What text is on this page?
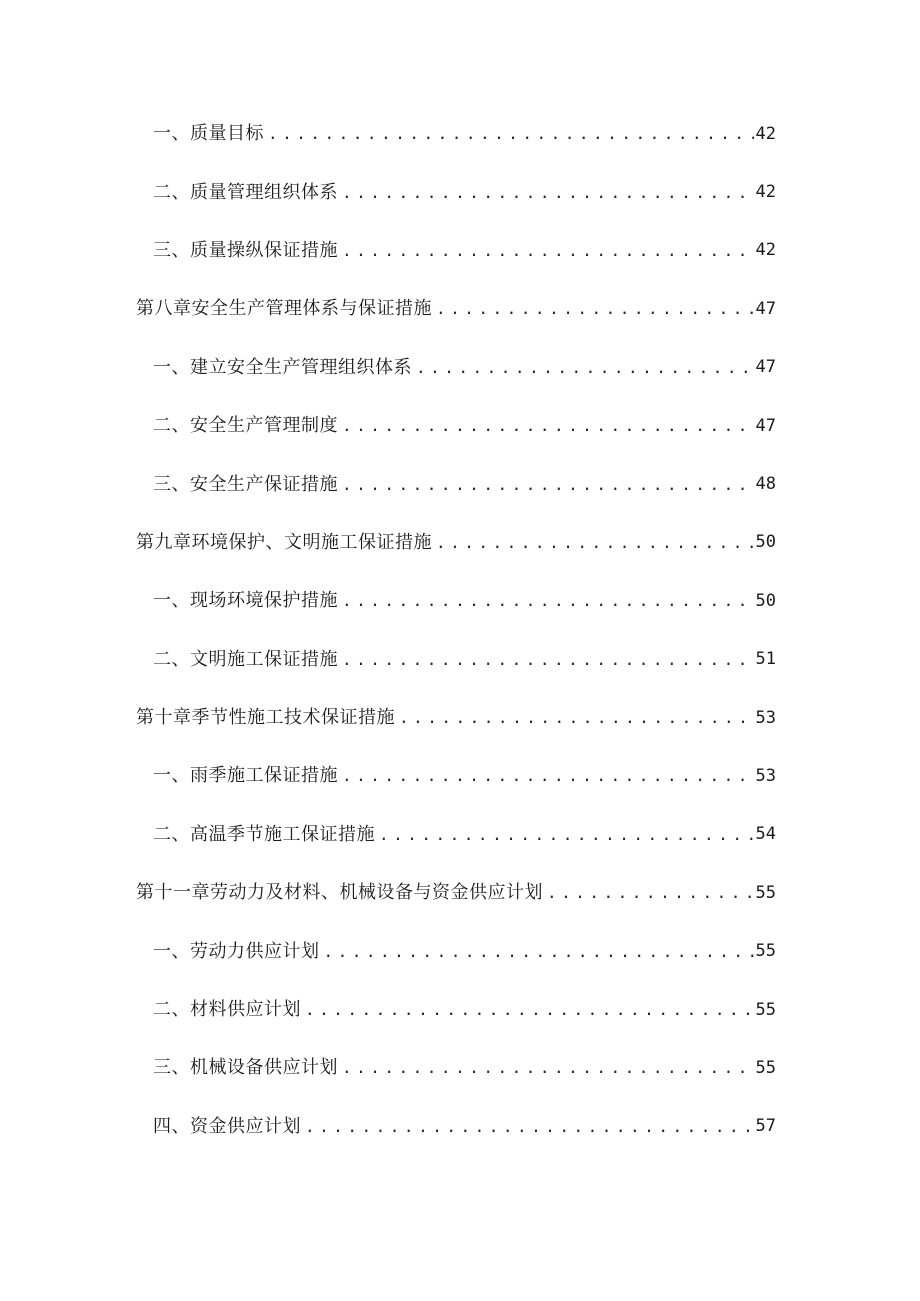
一、质量目标 .....	42
二、质量管理组织体系 .....	42
三、质量操纵保证措施 .....	42
第八章安全生产管理体系与保证措施 .....	47
一、建立安全生产管理组织体系 .....	47
二、安全生产管理制度 .....	47
三、安全生产保证措施 .....	48
第九章环境保护、文明施工保证措施 .....	50
一、现场环境保护措施 .....	50
二、文明施工保证措施 .....	51
第十章季节性施工技术保证措施 .....	53
一、雨季施工保证措施 .....	53
二、高温季节施工保证措施 .....	54
第十一章劳动力及材料、机械设备与资金供应计划 .....	55
一、劳动力供应计划 .....	55
二、材料供应计划 .....	55
三、机械设备供应计划 .....	55
四、资金供应计划 .....	57
